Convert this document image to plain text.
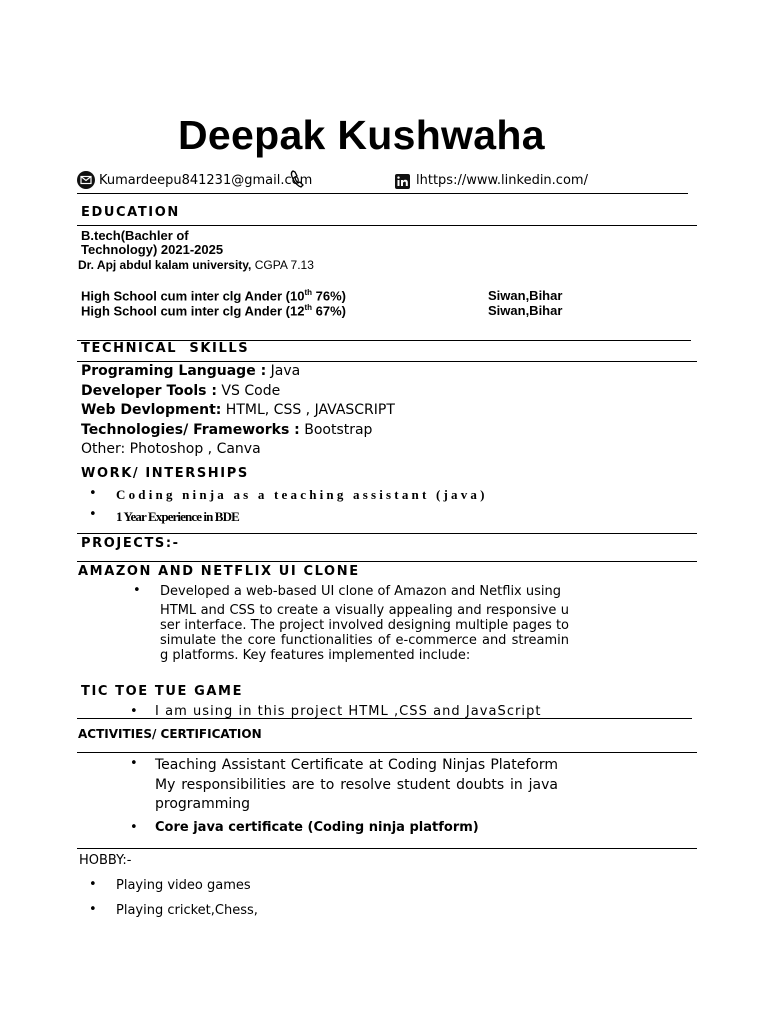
Deepak Kushwaha
Kumardeepu841231@gmail.com	lhttps://www.linkedin.com/
EDUCATION
B.tech(Bachler of
Technology) 2021-2025
Dr. Apj abdul kalam university, CGPA 7.13
High School cum inter clg Ander (10th 76%)	Siwan,Bihar
High School cum inter clg Ander (12th 67%)	Siwan,Bihar
TECHNICAL  SKILLS
Programing Language : Java
Developer Tools : VS Code
Web Devlopment: HTML, CSS , JAVASCRIPT
Technologies/ Frameworks : Bootstrap
Other: Photoshop , Canva
WORK/ INTERSHIPS
• Coding ninja as a teaching assistant (java)
• 1 Year Experience in BDE
PROJECTS:-
AMAZON AND NETFLIX UI CLONE
• Developed a web-based UI clone of Amazon and Netflix using
HTML and CSS to create a visually appealing and responsive user interface. The project involved designing multiple pages to simulate the core functionalities of e-commerce and streaming platforms. Key features implemented include:
TIC TOE TUE GAME
• I am using in this project HTML ,CSS and JavaScript
ACTIVITIES/ CERTIFICATION
• Teaching Assistant Certificate at Coding Ninjas Plateform My responsibilities are to resolve student doubts in java programming
• Core java certificate (Coding ninja platform)
HOBBY:-
• Playing video games
• Playing cricket,Chess,
